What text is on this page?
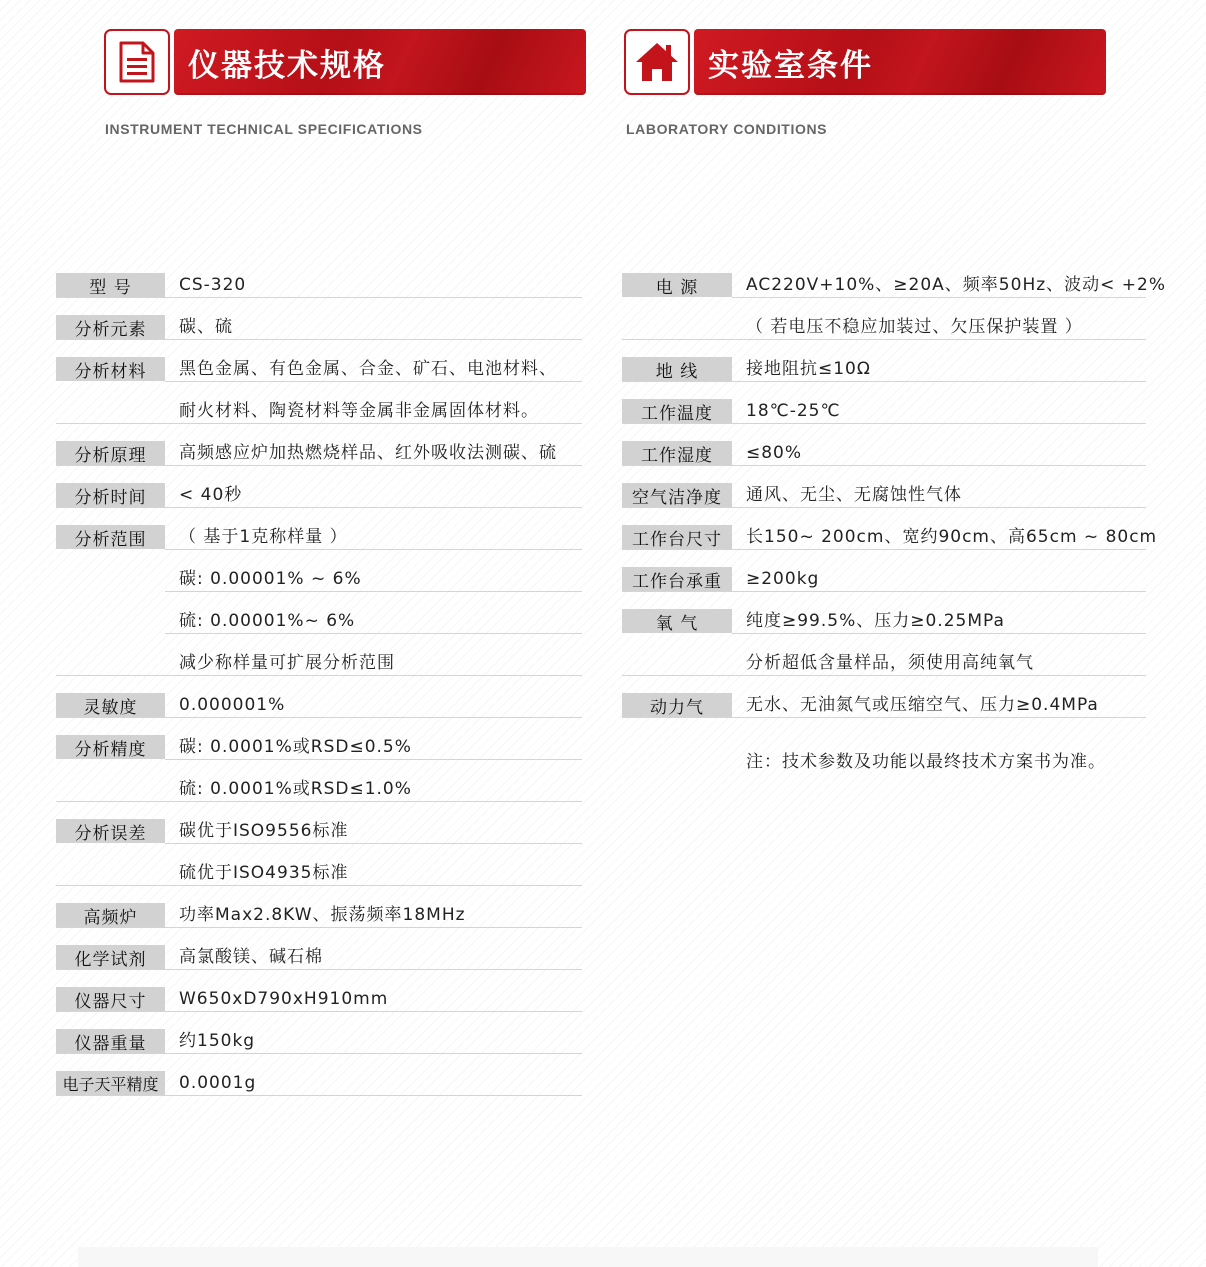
仪器技术规格
INSTRUMENT TECHNICAL SPECIFICATIONS
实验室条件
LABORATORY CONDITIONS
型 号	CS-320
分析元素	碳、硫
分析材料	黑色金属、有色金属、合金、矿石、电池材料、
耐火材料、陶瓷材料等金属非金属固体材料。
分析原理	高频感应炉加热燃烧样品、红外吸收法测碳、硫
分析时间	< 40秒
分析范围	（ 基于1克称样量 ）
碳: 0.00001% ~ 6%
硫: 0.00001%~ 6%
减少称样量可扩展分析范围
灵敏度	0.000001%
分析精度	碳: 0.0001%或RSD≤0.5%
硫: 0.0001%或RSD≤1.0%
分析误差	碳优于ISO9556标准
硫优于ISO4935标准
高频炉	功率Max2.8KW、振荡频率18MHz
化学试剂	高氯酸镁、碱石棉
仪器尺寸	W650xD790xH910mm
仪器重量	约150kg
电子天平精度	0.0001g
电 源	AC220V+10%、≥20A、频率50Hz、波动< +2%
（ 若电压不稳应加装过、欠压保护装置 ）
地 线	接地阻抗≤10Ω
工作温度	18℃-25℃
工作湿度	≤80%
空气洁净度	通风、无尘、无腐蚀性气体
工作台尺寸	长150~ 200cm、宽约90cm、高65cm ~ 80cm
工作台承重	≥200kg
氧 气	纯度≥99.5%、压力≥0.25MPa
分析超低含量样品，须使用高纯氧气
动力气	无水、无油氮气或压缩空气、压力≥0.4MPa
注：技术参数及功能以最终技术方案书为准。
